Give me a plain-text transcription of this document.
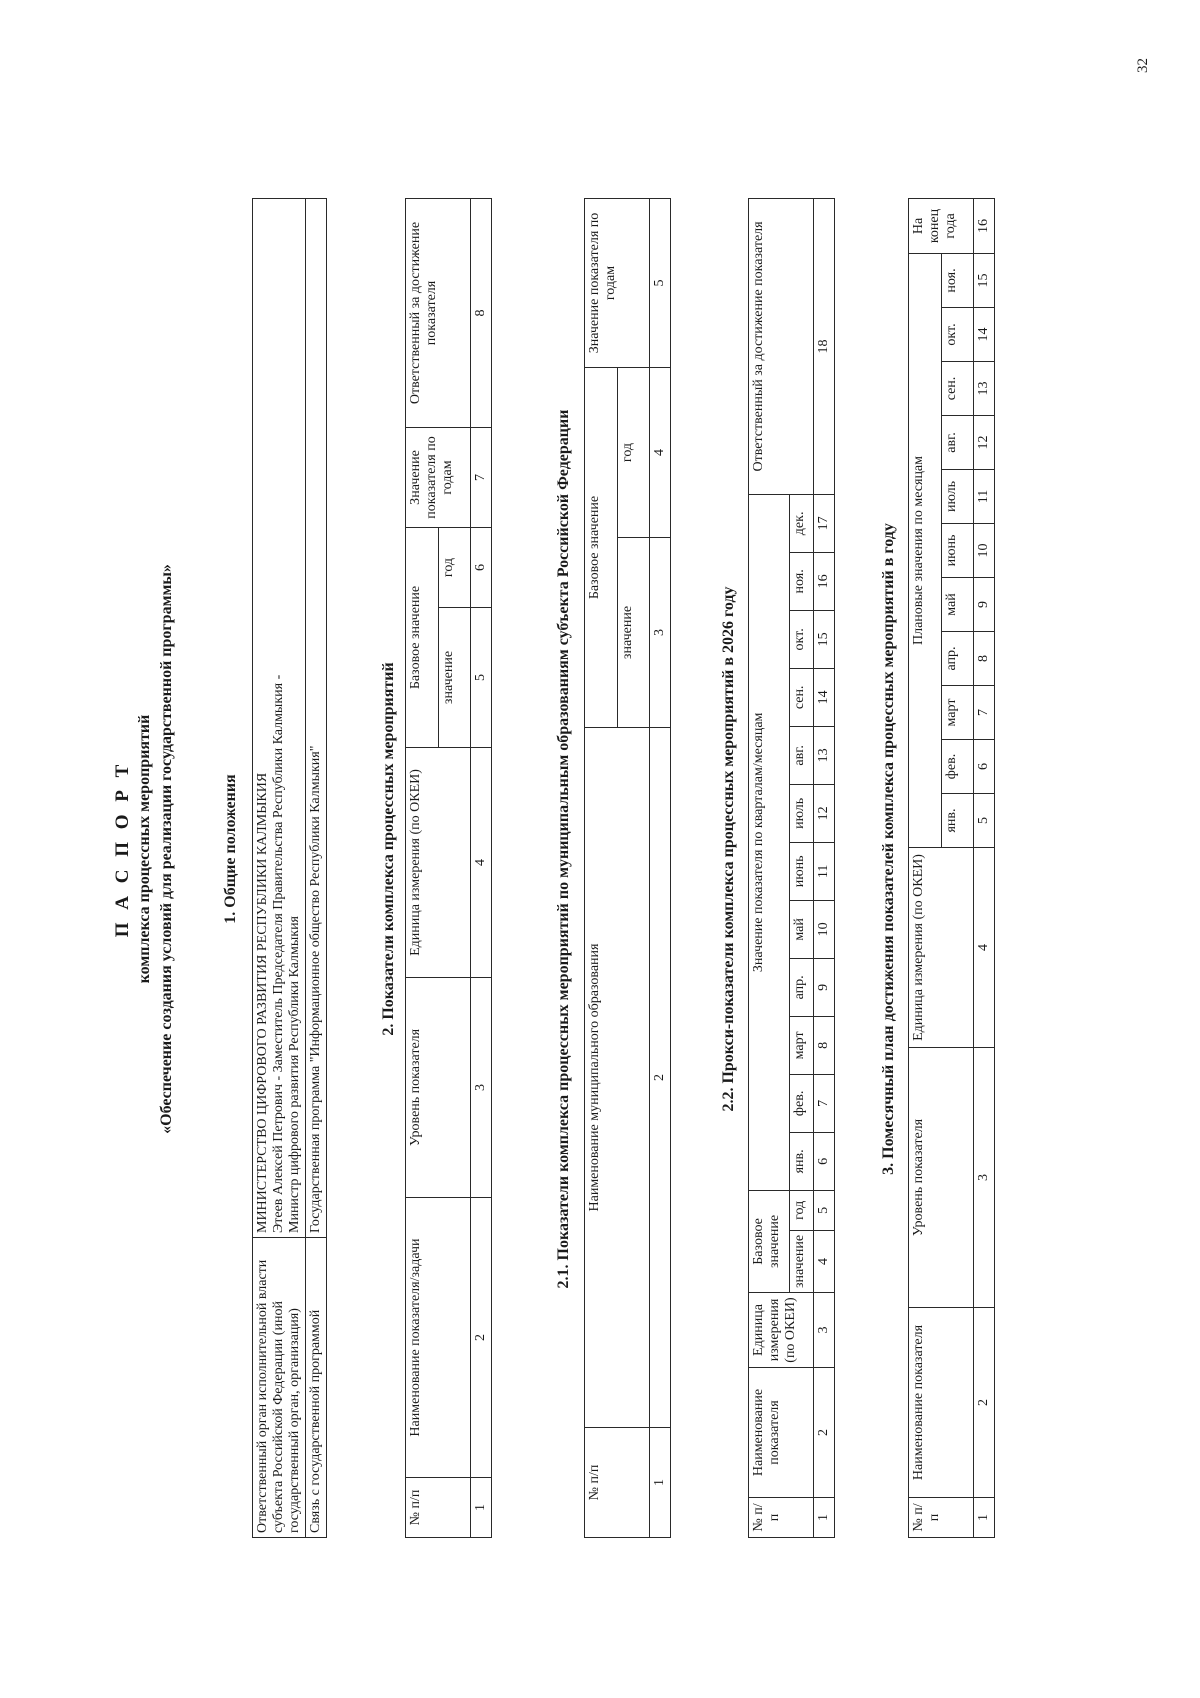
П А С П О Р Т комплекса процессных мероприятий «Обеспечение создания условий для реализации государственной программы»	1. Общие положения
Ответственный орган исполнительной власти субъекта Российской Федерации (иной государственный орган, организация)	МИНИСТЕРСТВО ЦИФРОВОГО РАЗВИТИЯ РЕСПУБЛИКИ КАЛМЫКИЯ Этеев Алексей Петрович - Заместитель Председателя Правительства Республики Калмыкия - Министр цифрового развития Республики Калмыкия

Связь с государственной программой	Государственная программа "Информационное общество Республики Калмыкия"	2. Показатели комплекса процессных мероприятий
№ п/п	Наименование показателя/задачи	Уровень показателя	Единица измерения (по ОКЕИ)	Базовое значение		Значение показателя по годам	Ответственный за достижение показателя
				значение	год		
1	2	3	4	5	6	7	8
2.1. Показатели комплекса процессных мероприятий по муниципальным образованиям субъекта Российской Федерации
№ п/п	Наименование муниципального образования	Базовое значение		Значение показателя по годам
		значение	год	
1	2	3	4	5
2.2. Прокси-показатели комплекса процессных мероприятий в 2026 году
№ п/п	Наименование показателя	Единица измерения (по ОКЕИ)	Базовое значение		Значение показателя по кварталам/месяцам												Ответственный за достижение показателя
			значение	год	янв.	фев.	март	апр.	май	июнь	июль	авг.	сен.	окт.	ноя.	дек.	
1	2	3	4	5	6	7	8	9	10	11	12	13	14	15	16	17	18
3. Помесячный план достижения показателей комплекса процессных мероприятий в году
№ п/п	Наименование показателя	Уровень показателя	Единица измерения (по ОКЕИ)	Плановые значения по месяцам											На конец года
				янв.	фев.	март	апр.	май	июнь	июль	авг.	сен.	окт.	ноя.	
1	2	3	4	5	6	7	8	9	10	11	12	13	14	15	16
32
